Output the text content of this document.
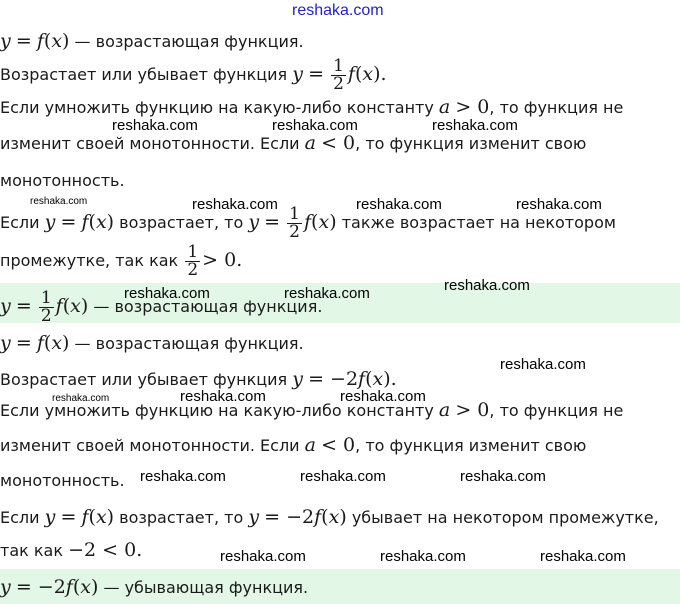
y = f(x) — возрастающая функция.
Возрастает или убывает функция $y = \frac{1}{2} f(x)$.
Если умножить функцию на какую-либо константу a > 0, то функция не
изменит своей монотонности. Если a < 0, то функция изменит свою
монотонность.
Если y = f(x) возрастает, то $y = \frac{1}{2} f(x)$ также возрастает на некотором
промежутке, так как $\frac{1}{2} > 0$.
$y = \frac{1}{2} f(x)$ — возрастающая функция.
y = f(x) — возрастающая функция.
Возрастает или убывает функция y = −2f(x).
Если умножить функцию на какую-либо константу a > 0, то функция не
изменит своей монотонности. Если a < 0, то функция изменит свою
монотонность.
Если y = f(x) возрастает, то y = −2f(x) убывает на некотором промежутке,
так как −2 < 0.
y = −2f(x) — убывающая функция.
reshaka.com
reshaka.com	reshaka.com	reshaka.com
reshaka.com	reshaka.com	reshaka.com	reshaka.com
reshaka.com	reshaka.com	reshaka.com
reshaka.com
reshaka.com	reshaka.com	reshaka.com
reshaka.com	reshaka.com	reshaka.com
reshaka.com	reshaka.com	reshaka.com
